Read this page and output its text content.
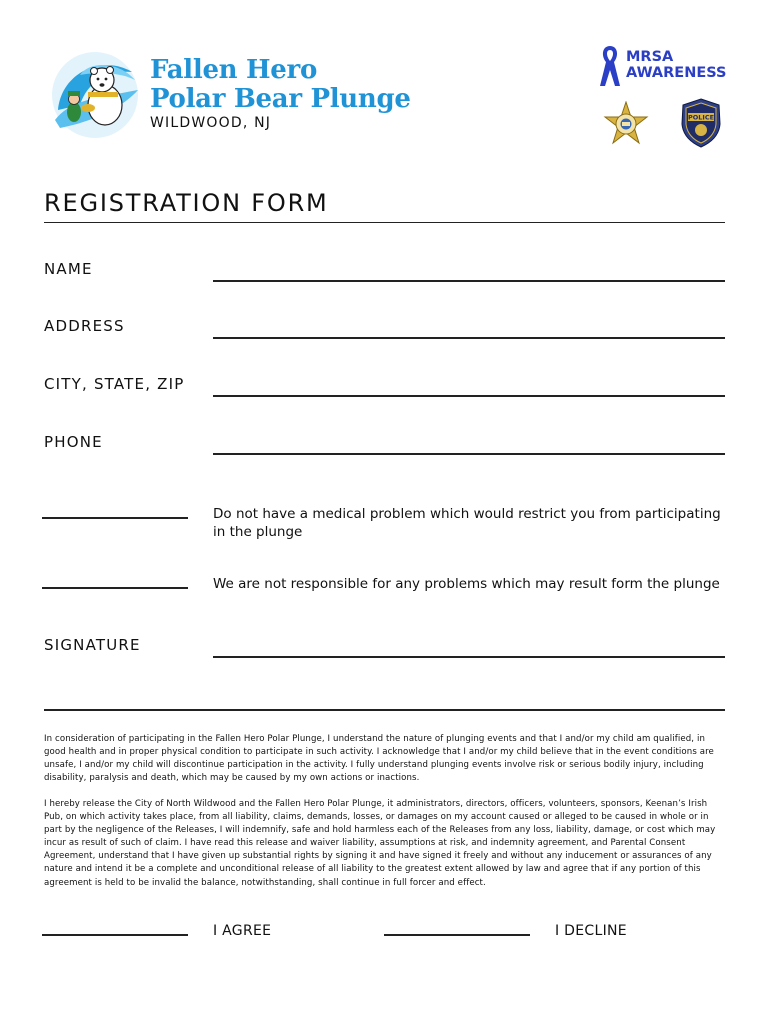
Fallen Hero
Polar Bear Plunge
WILDWOOD, NJ
MRSA
AWARENESS
POLICE
REGISTRATION FORM
NAME
ADDRESS
CITY, STATE, ZIP
PHONE
Do not have a medical problem which would restrict you from participating in the plunge
We are not responsible for any problems which may result form the plunge
SIGNATURE
In consideration of participating in the Fallen Hero Polar Plunge, I understand the nature of plunging events and that I and/or my child am qualified, in good health and in proper physical condition to participate in such activity. I acknowledge that I and/or my child believe that in the event conditions are unsafe, I and/or my child will discontinue participation in the activity. I fully understand plunging events involve risk or serious bodily injury, including disability, paralysis and death, which may be caused by my own actions or inactions.
I hereby release the City of North Wildwood and the Fallen Hero Polar Plunge, it administrators, directors, officers, volunteers, sponsors, Keenan’s Irish Pub, on which activity takes place, from all liability, claims, demands, losses, or damages on my account caused or alleged to be caused in whole or in part by the negligence of the Releases, I will indemnify, safe and hold harmless each of the Releases from any loss, liability, damage, or cost which may incur as result of such of claim. I have read this release and waiver liability, assumptions at risk, and indemnity agreement, and Parental Consent Agreement, understand that I have given up substantial rights by signing it and have signed it freely and without any inducement or assurances of any nature and intend it be a complete and unconditional release of all liability to the greatest extent allowed by law and agree that if any portion of this agreement is held to be invalid the balance, notwithstanding, shall continue in full forcer and effect.
I AGREE	I DECLINE
